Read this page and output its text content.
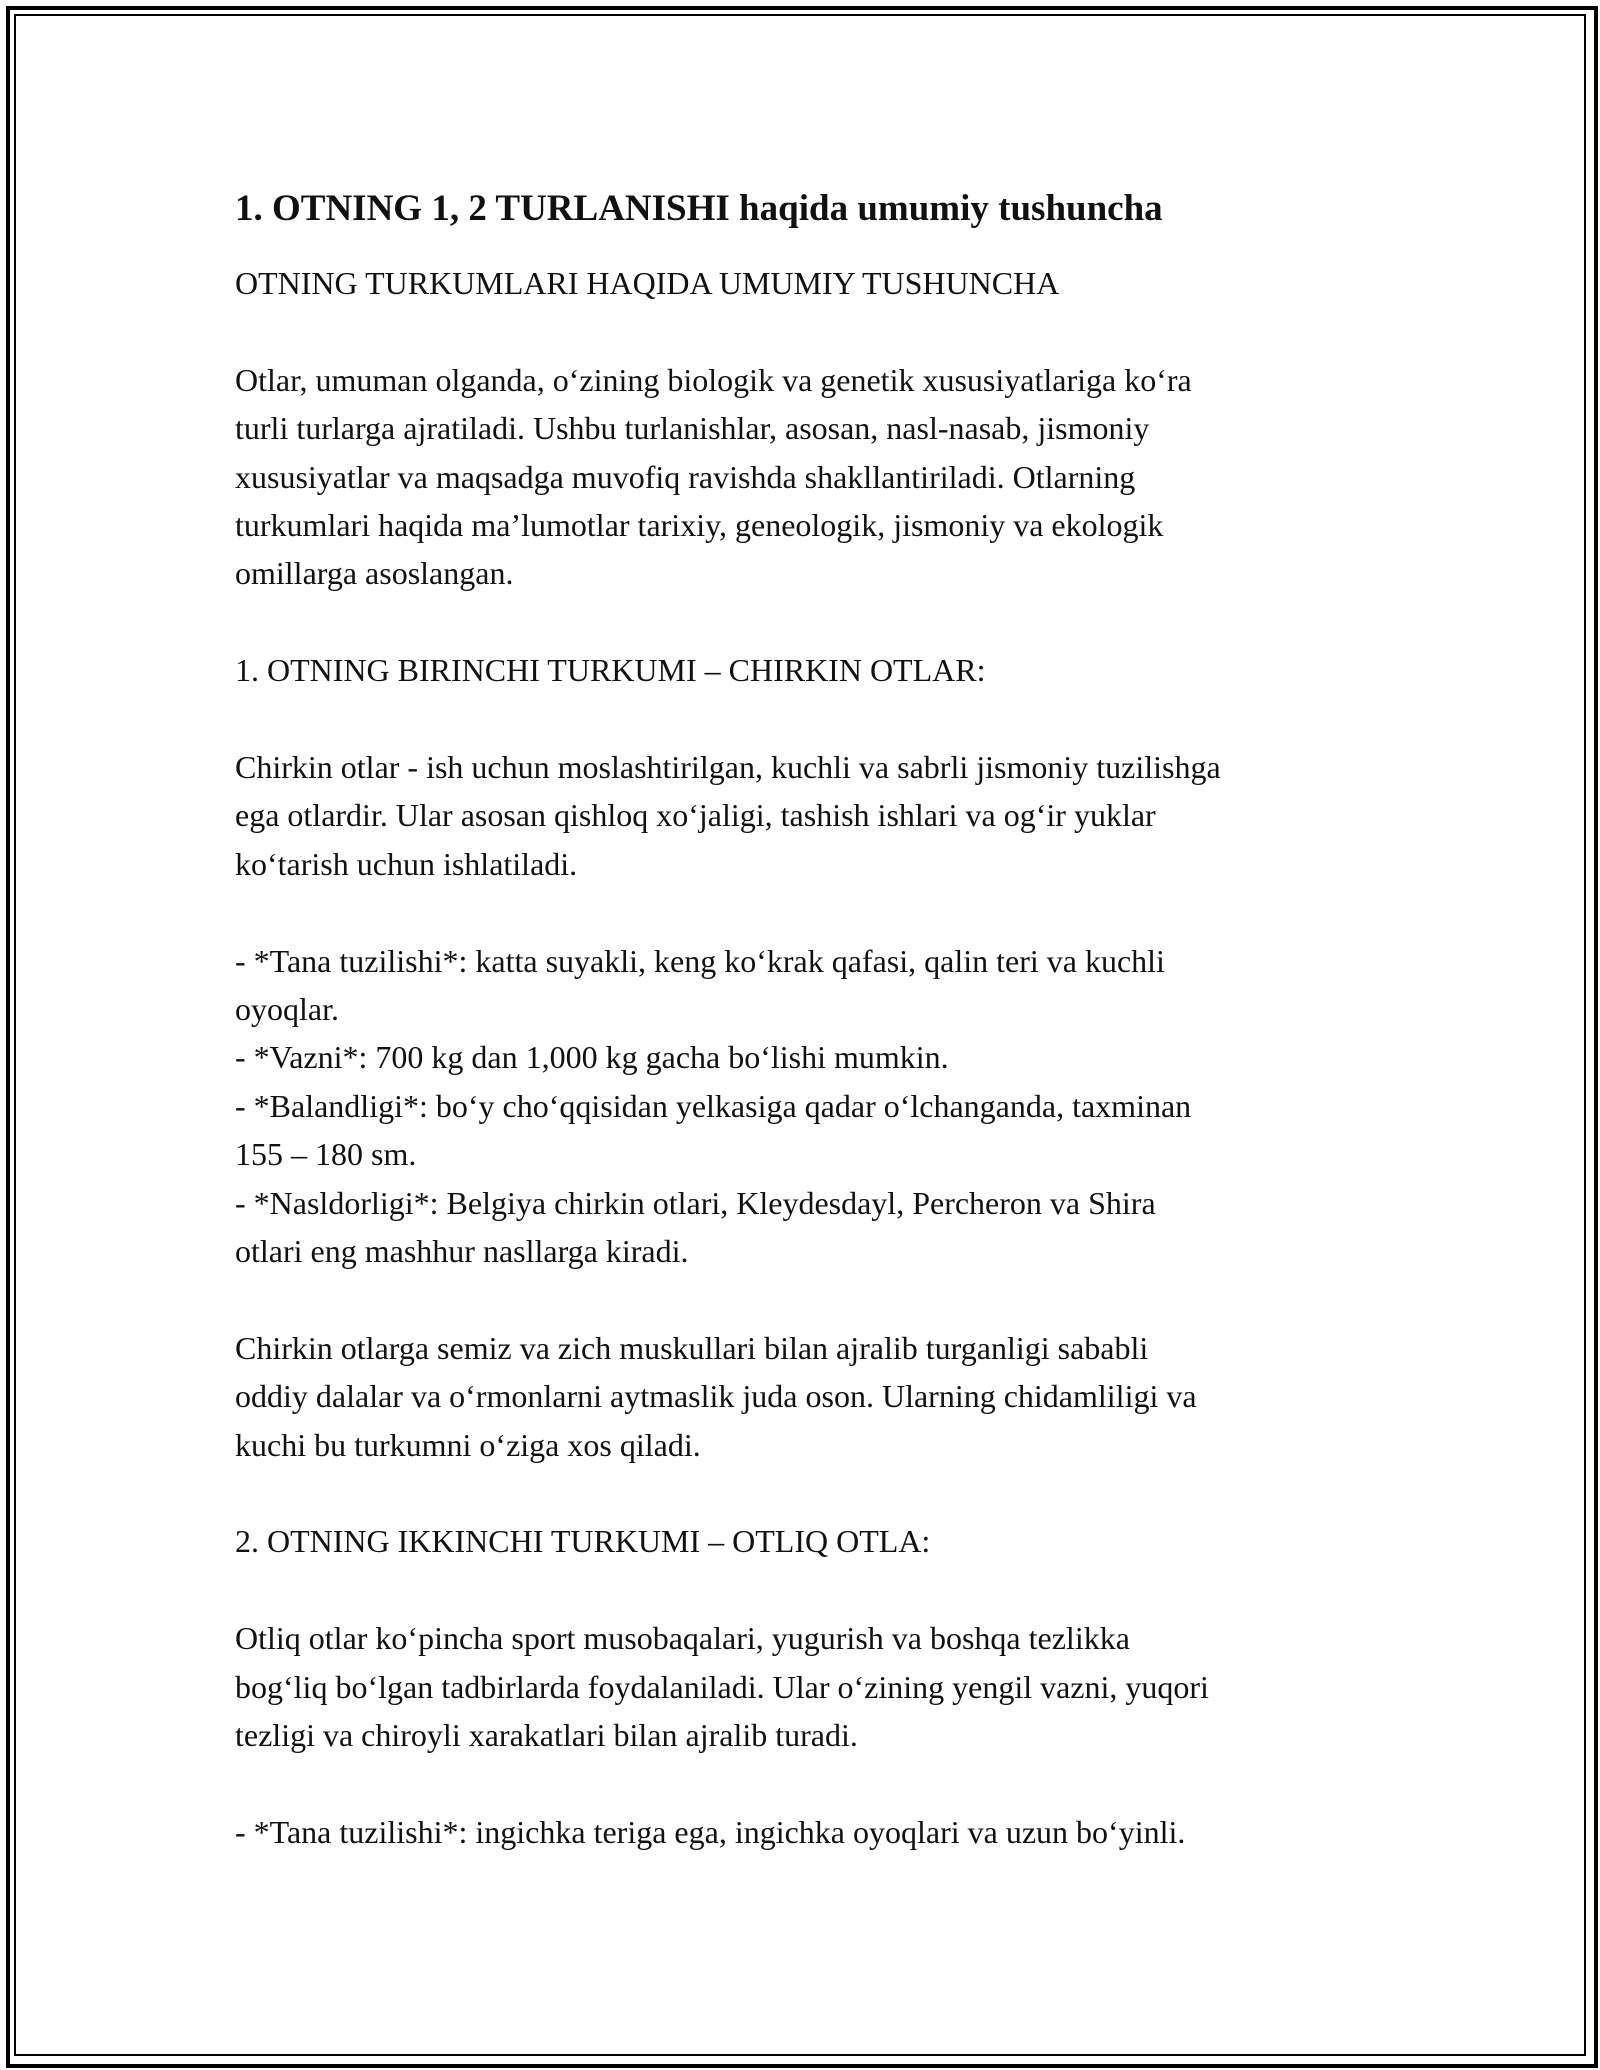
1. OTNING 1, 2 TURLANISHI haqida umumiy tushuncha

OTNING TURKUMLARI HAQIDA UMUMIY TUSHUNCHA

Otlar, umuman olganda, o‘zining biologik va genetik xususiyatlariga ko‘ra
turli turlarga ajratiladi. Ushbu turlanishlar, asosan, nasl-nasab, jismoniy
xususiyatlar va maqsadga muvofiq ravishda shakllantiriladi. Otlarning
turkumlari haqida ma’lumotlar tarixiy, geneologik, jismoniy va ekologik
omillarga asoslangan.
1. OTNING BIRINCHI TURKUMI – CHIRKIN OTLAR:
Chirkin otlar - ish uchun moslashtirilgan, kuchli va sabrli jismoniy tuzilishga
ega otlardir. Ular asosan qishloq xo‘jaligi, tashish ishlari va og‘ir yuklar
ko‘tarish uchun ishlatiladi.
- *Tana tuzilishi*: katta suyakli, keng ko‘krak qafasi, qalin teri va kuchli
oyoqlar.
- *Vazni*: 700 kg dan 1,000 kg gacha bo‘lishi mumkin.
- *Balandligi*: bo‘y cho‘qqisidan yelkasiga qadar o‘lchanganda, taxminan
155 – 180 sm.
- *Nasldorligi*: Belgiya chirkin otlari, Kleydesdayl, Percheron va Shira
otlari eng mashhur nasllarga kiradi.
Chirkin otlarga semiz va zich muskullari bilan ajralib turganligi sababli
oddiy dalalar va o‘rmonlarni aytmaslik juda oson. Ularning chidamliligi va
kuchi bu turkumni o‘ziga xos qiladi.
2. OTNING IKKINCHI TURKUMI – OTLIQ OTLA:
Otliq otlar ko‘pincha sport musobaqalari, yugurish va boshqa tezlikka
bog‘liq bo‘lgan tadbirlarda foydalaniladi. Ular o‘zining yengil vazni, yuqori
tezligi va chiroyli xarakatlari bilan ajralib turadi.
- *Tana tuzilishi*: ingichka teriga ega, ingichka oyoqlari va uzun bo‘yinli.
